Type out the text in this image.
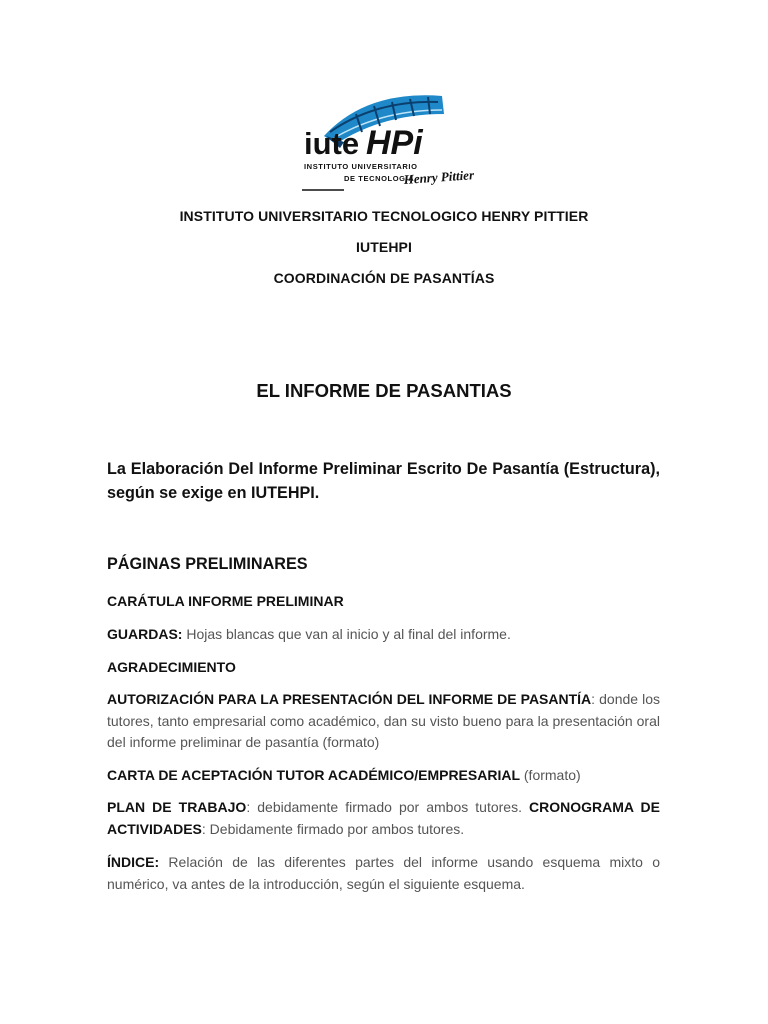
iute HPi
INSTITUTO UNIVERSITARIO
DE TECNOLOGIA
Henry Pittier
INSTITUTO UNIVERSITARIO TECNOLOGICO HENRY PITTIER
IUTEHPI
COORDINACIÓN DE PASANTÍAS
EL INFORME DE PASANTIAS
La Elaboración Del Informe Preliminar Escrito De Pasantía (Estructura), según se exige en IUTEHPI.
PÁGINAS PRELIMINARES
CARÁTULA INFORME PRELIMINAR
GUARDAS: Hojas blancas que van al inicio y al final del informe.
AGRADECIMIENTO
AUTORIZACIÓN PARA LA PRESENTACIÓN DEL INFORME DE PASANTÍA: donde los tutores, tanto empresarial como académico, dan su visto bueno para la presentación oral del informe preliminar de pasantía (formato)
CARTA DE ACEPTACIÓN TUTOR ACADÉMICO/EMPRESARIAL (formato)
PLAN DE TRABAJO: debidamente firmado por ambos tutores. CRONOGRAMA DE ACTIVIDADES: Debidamente firmado por ambos tutores.
ÍNDICE: Relación de las diferentes partes del informe usando esquema mixto o numérico, va antes de la introducción, según el siguiente esquema.
